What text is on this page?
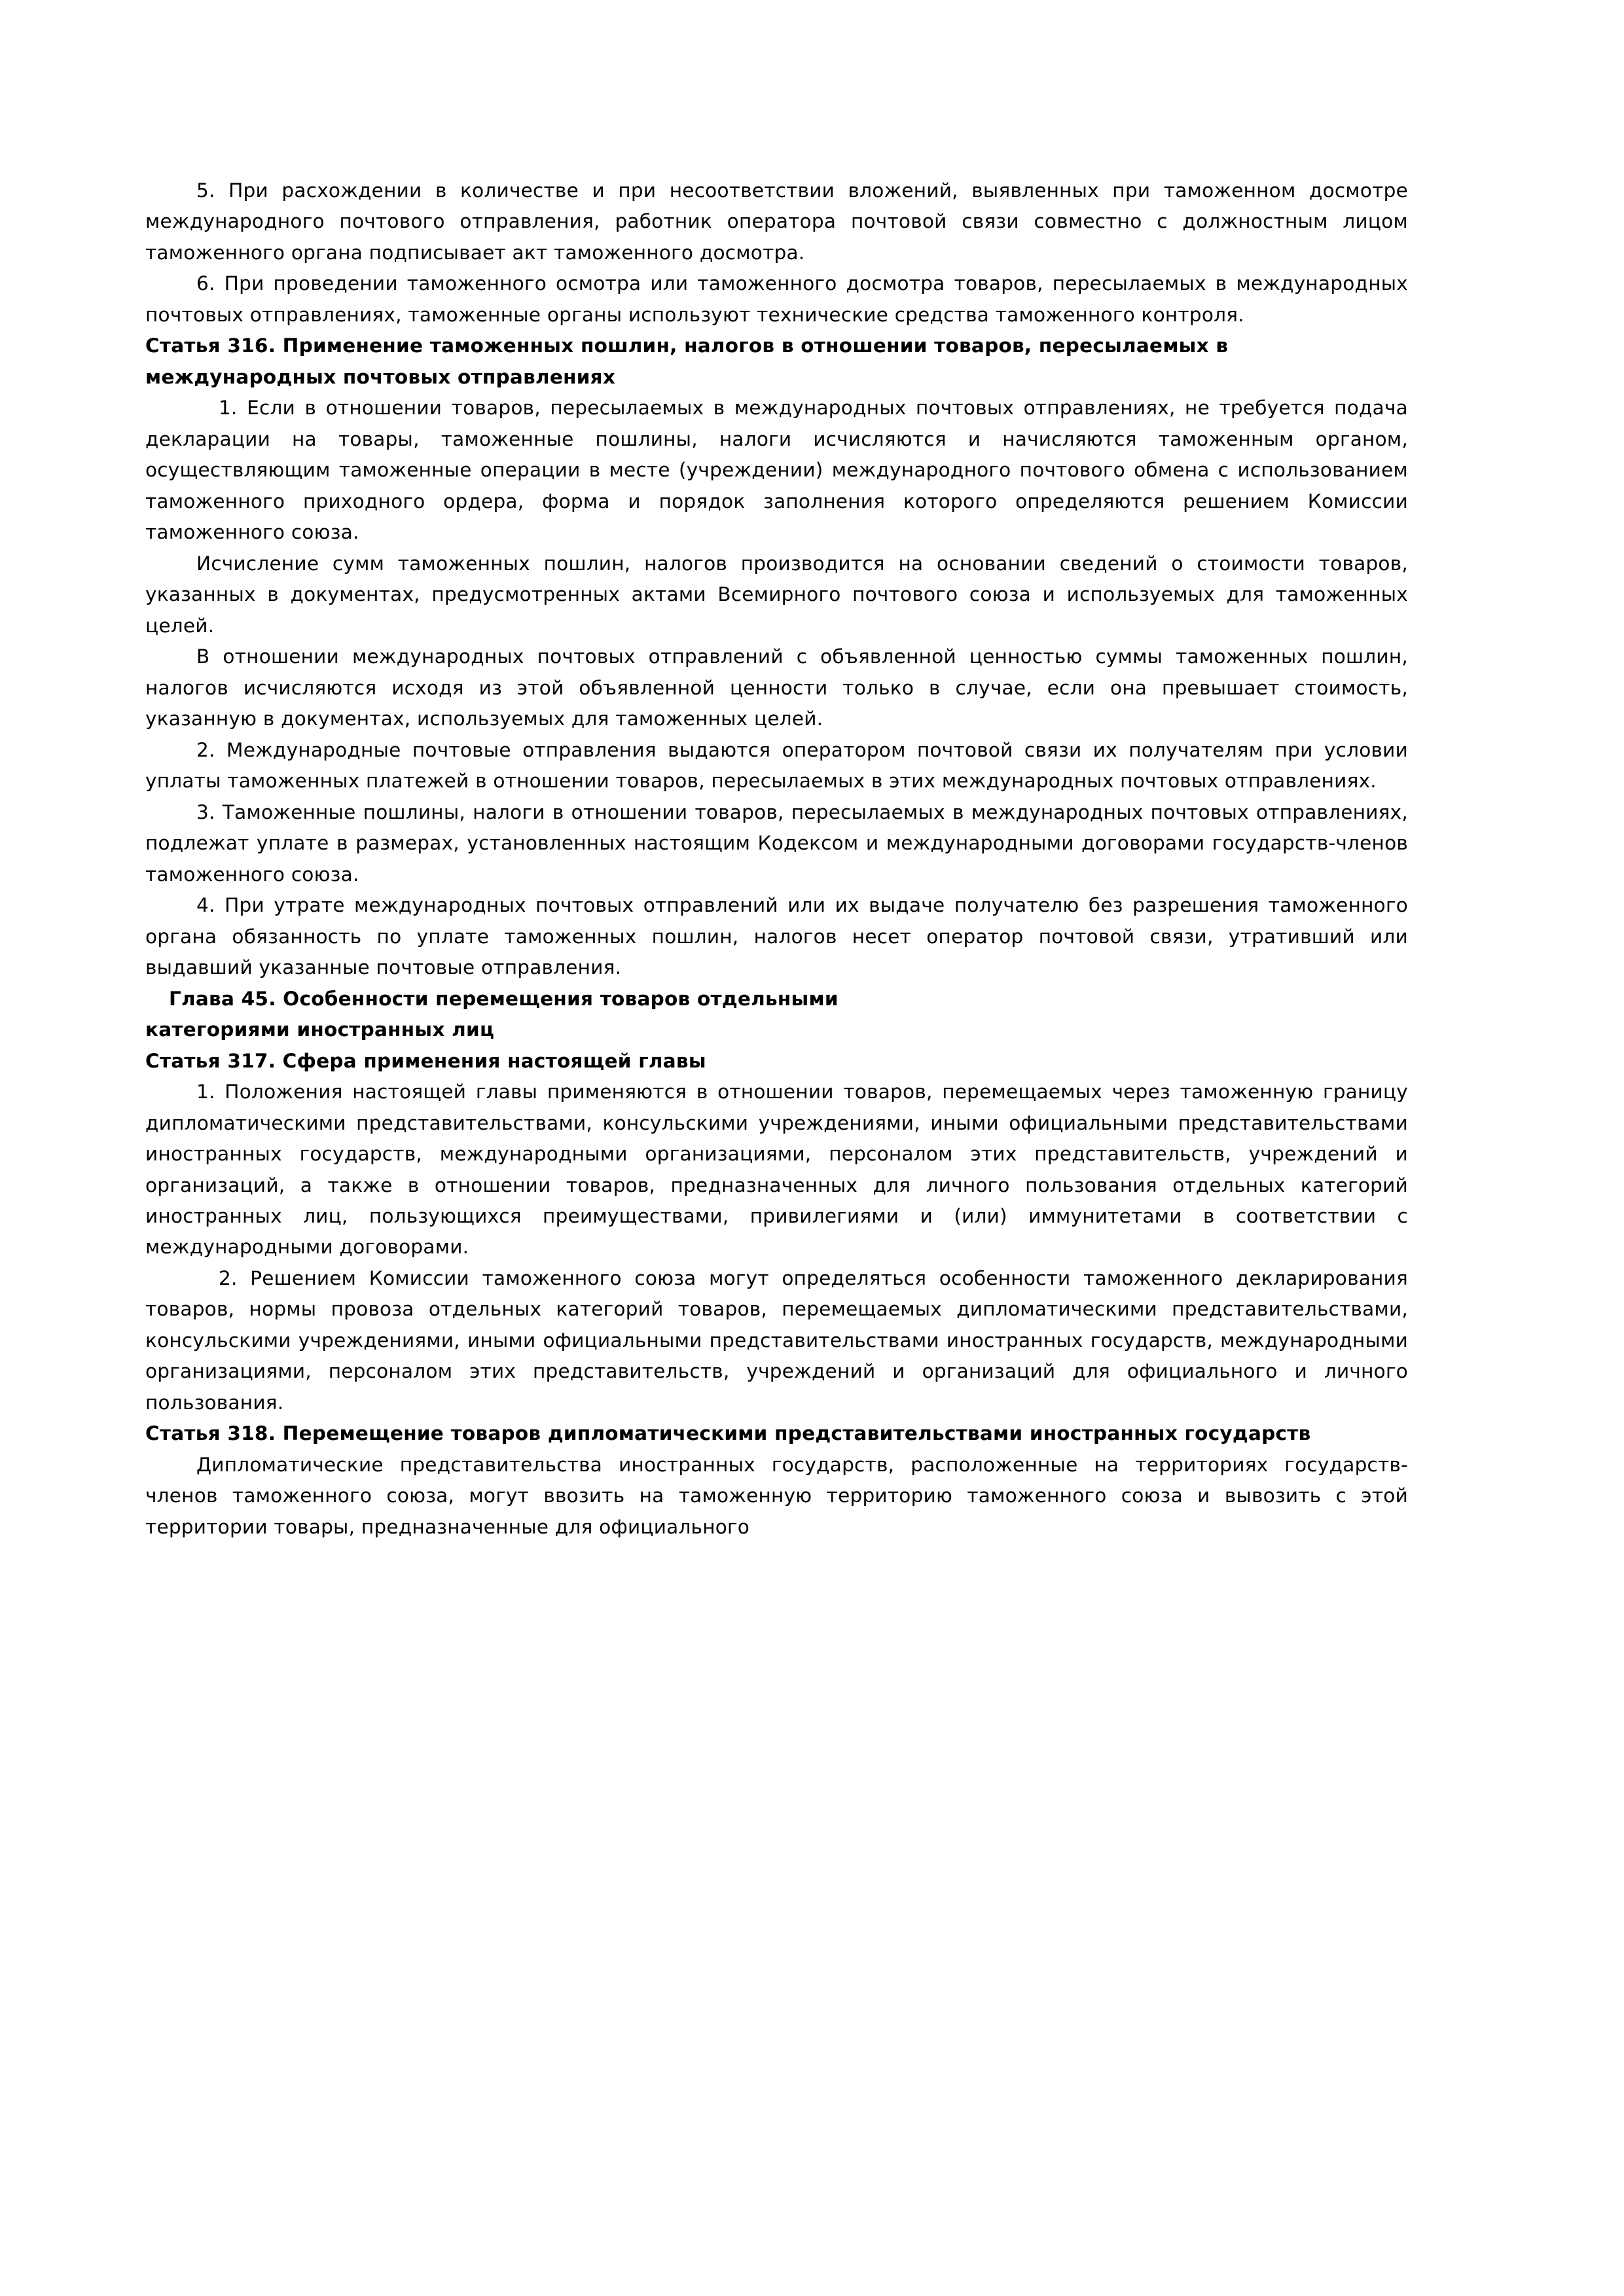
5. При расхождении в количестве и при несоответствии вложений, выявленных при таможенном досмотре международного почтового отправления, работник оператора почтовой связи совместно с должностным лицом таможенного органа подписывает акт таможенного досмотра.

6. При проведении таможенного осмотра или таможенного досмотра товаров, пересылаемых в международных почтовых отправлениях, таможенные органы используют технические средства таможенного контроля.

Статья 316. Применение таможенных пошлин, налогов в отношении товаров, пересылаемых в международных почтовых отправлениях

1. Если в отношении товаров, пересылаемых в международных почтовых отправлениях, не требуется подача декларации на товары, таможенные пошлины, налоги исчисляются и начисляются таможенным органом, осуществляющим таможенные операции в месте (учреждении) международного почтового обмена с использованием таможенного приходного ордера, форма и порядок заполнения которого определяются решением Комиссии таможенного союза.

Исчисление сумм таможенных пошлин, налогов производится на основании сведений о стоимости товаров, указанных в документах, предусмотренных актами Всемирного почтового союза и используемых для таможенных целей.

В отношении международных почтовых отправлений с объявленной ценностью суммы таможенных пошлин, налогов исчисляются исходя из этой объявленной ценности только в случае, если она превышает стоимость, указанную в документах, используемых для таможенных целей.

2. Международные почтовые отправления выдаются оператором почтовой связи их получателям при условии уплаты таможенных платежей в отношении товаров, пересылаемых в этих международных почтовых отправлениях.

3. Таможенные пошлины, налоги в отношении товаров, пересылаемых в международных почтовых отправлениях, подлежат уплате в размерах, установленных настоящим Кодексом и международными договорами государств-членов таможенного союза.

4. При утрате международных почтовых отправлений или их выдаче получателю без разрешения таможенного органа обязанность по уплате таможенных пошлин, налогов несет оператор почтовой связи, утративший или выдавший указанные почтовые отправления.

Глава 45. Особенности перемещения товаров отдельными

категориями иностранных лиц

Статья 317. Сфера применения настоящей главы

1. Положения настоящей главы применяются в отношении товаров, перемещаемых через таможенную границу дипломатическими представительствами, консульскими учреждениями, иными официальными представительствами иностранных государств, международными организациями, персоналом этих представительств, учреждений и организаций, а также в отношении товаров, предназначенных для личного пользования отдельных категорий иностранных лиц, пользующихся преимуществами, привилегиями и (или) иммунитетами в соответствии с международными договорами.

2. Решением Комиссии таможенного союза могут определяться особенности таможенного декларирования товаров, нормы провоза отдельных категорий товаров, перемещаемых дипломатическими представительствами, консульскими учреждениями, иными официальными представительствами иностранных государств, международными организациями, персоналом этих представительств, учреждений и организаций для официального и личного пользования.

Статья 318. Перемещение товаров дипломатическими представительствами иностранных государств

Дипломатические представительства иностранных государств, расположенные на территориях государств-членов таможенного союза, могут ввозить на таможенную территорию таможенного союза и вывозить с этой территории товары, предназначенные для официального
